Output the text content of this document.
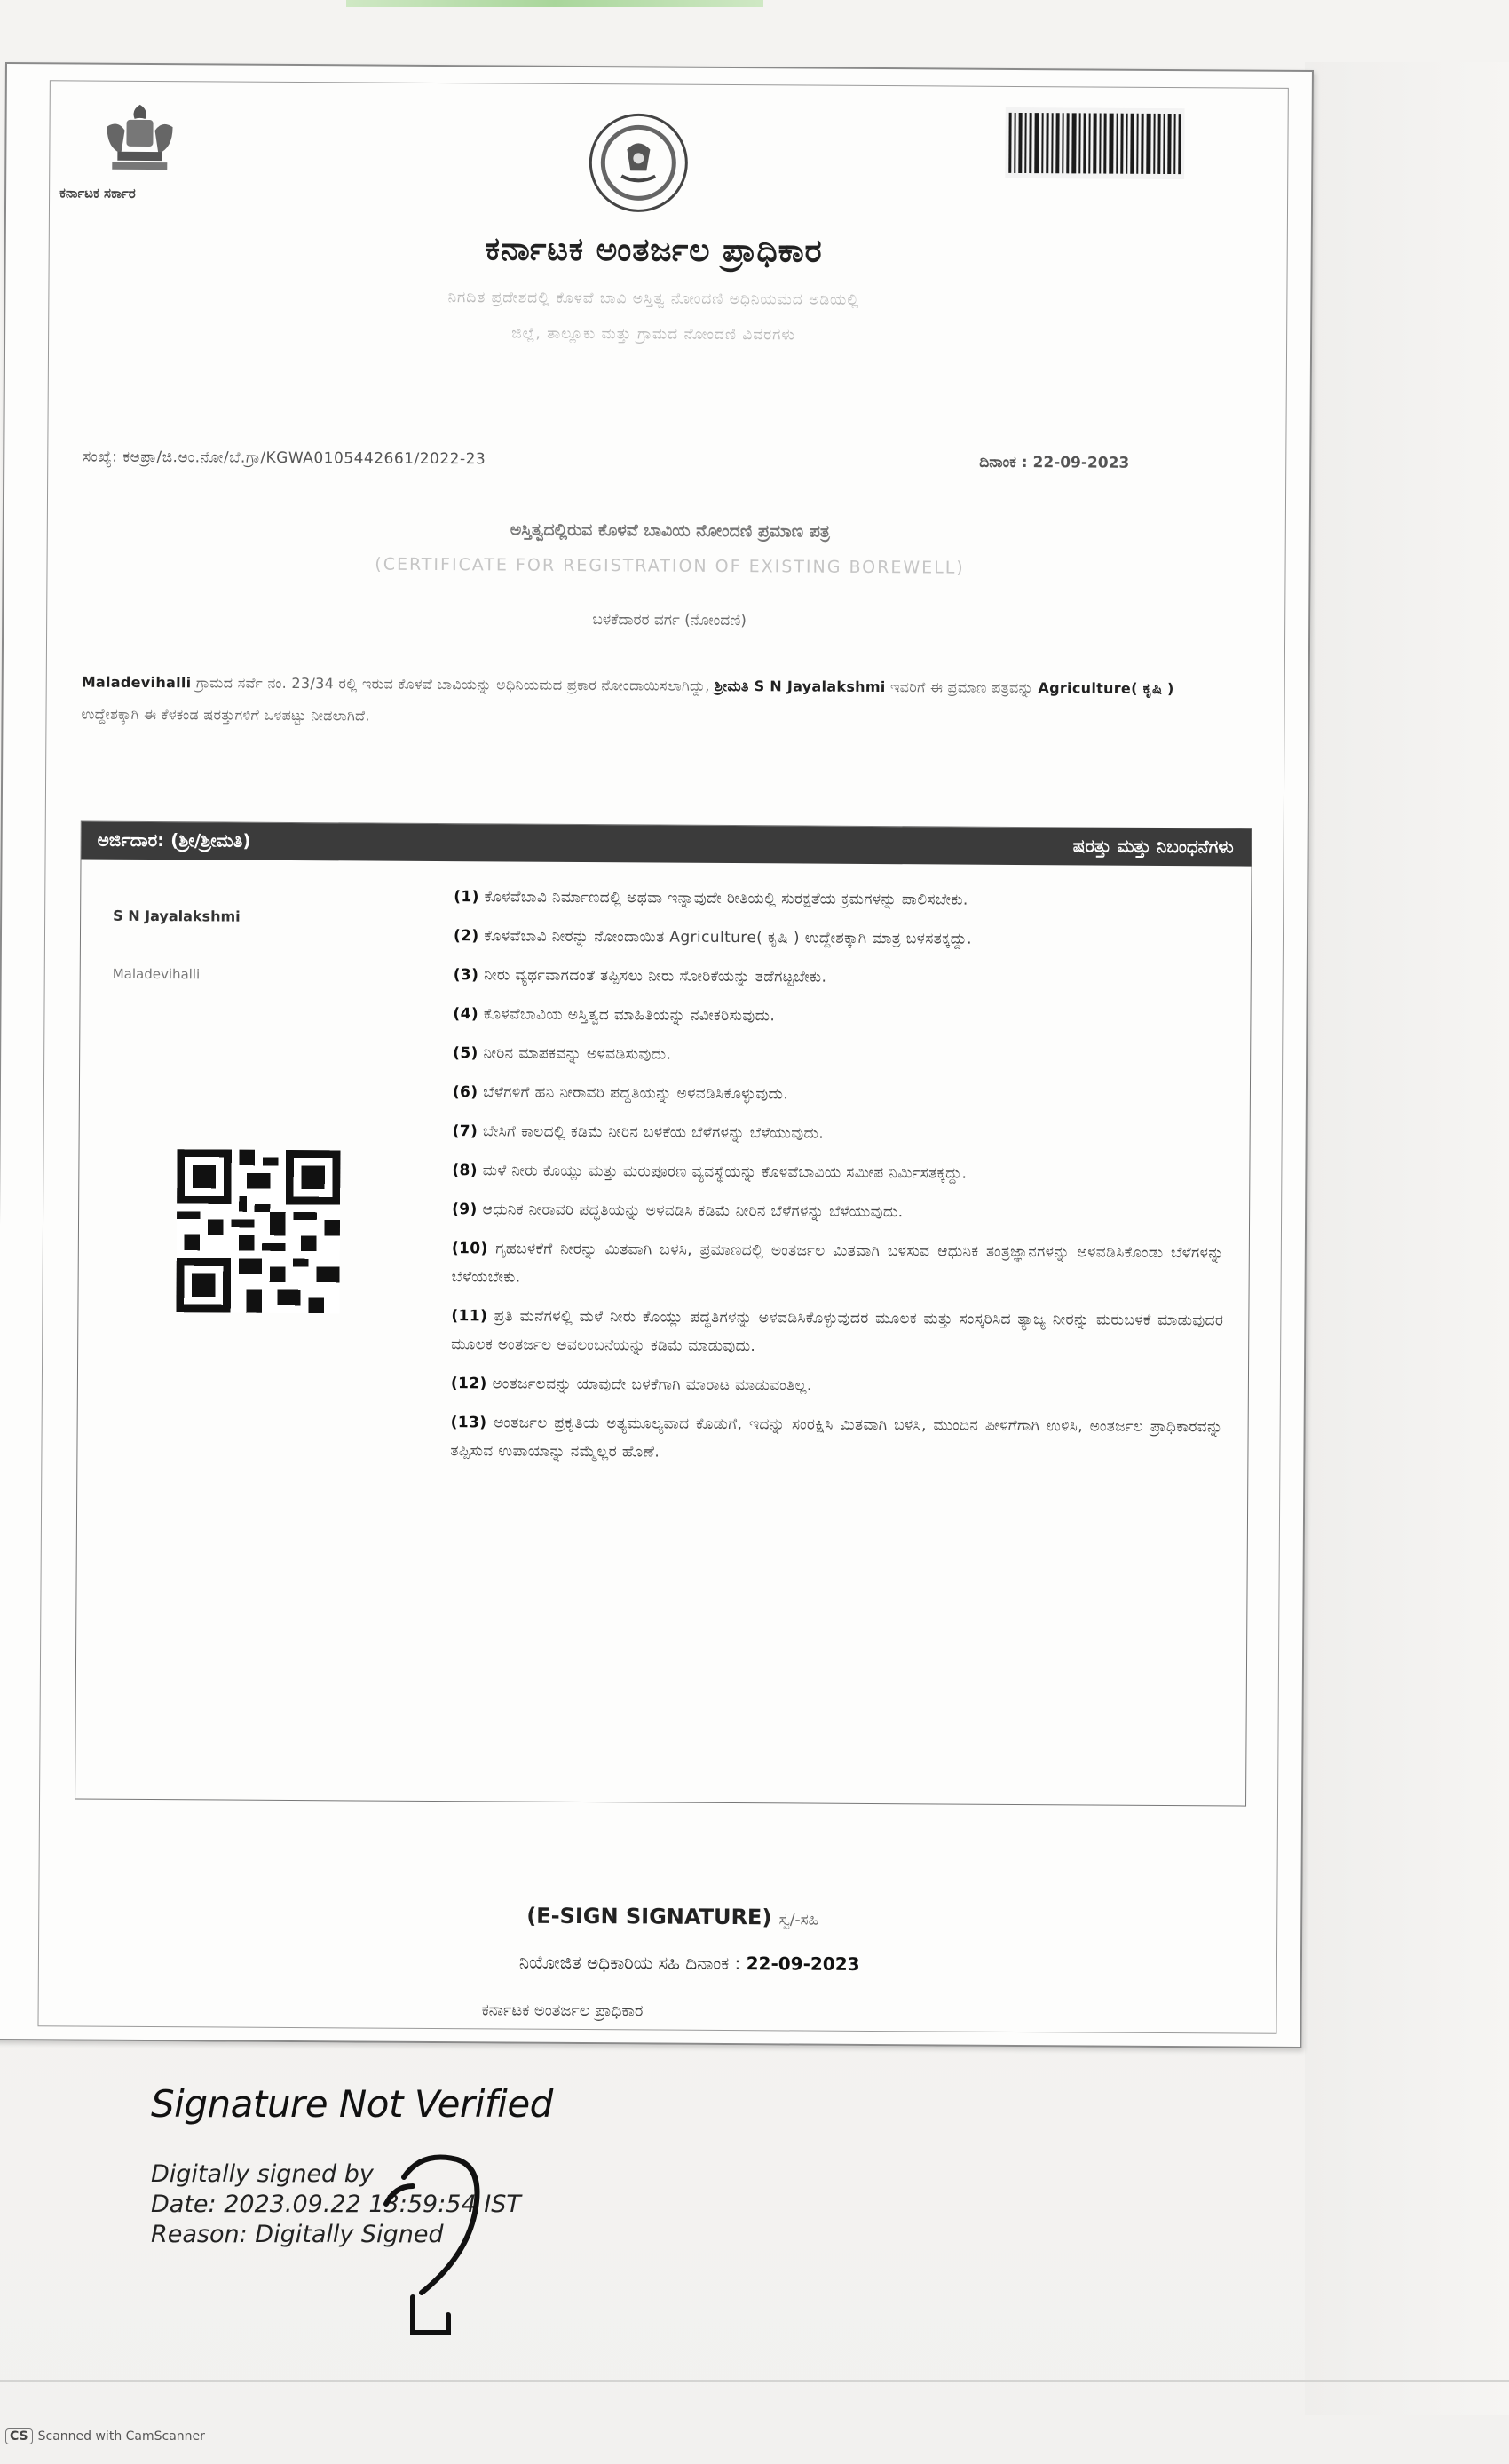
ಕರ್ನಾಟಕ ಸರ್ಕಾರ
ಕರ್ನಾಟಕ ಅಂತರ್ಜಲ ಪ್ರಾಧಿಕಾರ
ನಿಗದಿತ ಪ್ರದೇಶದಲ್ಲಿ ಕೊಳವೆ ಬಾವಿ ಅಸ್ತಿತ್ವ ನೋಂದಣಿ ಅಧಿನಿಯಮದ ಅಡಿಯಲ್ಲಿ
ಜಿಲ್ಲೆ, ತಾಲ್ಲೂಕು ಮತ್ತು ಗ್ರಾಮದ ನೋಂದಣಿ ವಿವರಗಳು
ಸಂಖ್ಯೆ: ಕಅಪ್ರಾ/ಜಿ.ಅಂ.ನೋ/ಬೆ.ಗ್ರಾ/KGWA0105442661/2022-23	ದಿನಾಂಕ : 22-09-2023
ಅಸ್ತಿತ್ವದಲ್ಲಿರುವ ಕೊಳವೆ ಬಾವಿಯ ನೋಂದಣಿ ಪ್ರಮಾಣ ಪತ್ರ
(CERTIFICATE FOR REGISTRATION OF EXISTING BOREWELL)
ಬಳಕೆದಾರರ ವರ್ಗ (ನೋಂದಣಿ)
Maladevihalli ಗ್ರಾಮದ ಸರ್ವೆ ನಂ. 23/34 ರಲ್ಲಿ ಇರುವ ಕೊಳವೆ ಬಾವಿಯನ್ನು ಅಧಿನಿಯಮದ ಪ್ರಕಾರ ನೋಂದಾಯಿಸಲಾಗಿದ್ದು, ಶ್ರೀಮತಿ S N Jayalakshmi ಇವರಿಗೆ ಈ ಪ್ರಮಾಣ ಪತ್ರವನ್ನು Agriculture( ಕೃಷಿ ) ಉದ್ದೇಶಕ್ಕಾಗಿ ಈ ಕೆಳಕಂಡ ಷರತ್ತುಗಳಿಗೆ ಒಳಪಟ್ಟು ನೀಡಲಾಗಿದೆ.
ಅರ್ಜಿದಾರ: (ಶ್ರೀ/ಶ್ರೀಮತಿ)	ಷರತ್ತು ಮತ್ತು ನಿಬಂಧನೆಗಳು
S N Jayalakshmi
Maladevihalli
(1) ಕೊಳವೆಬಾವಿ ನಿರ್ಮಾಣದಲ್ಲಿ ಅಥವಾ ಇನ್ನಾವುದೇ ರೀತಿಯಲ್ಲಿ ಸುರಕ್ಷತೆಯ ಕ್ರಮಗಳನ್ನು ಪಾಲಿಸಬೇಕು.
(2) ಕೊಳವೆಬಾವಿ ನೀರನ್ನು ನೋಂದಾಯಿತ Agriculture( ಕೃಷಿ ) ಉದ್ದೇಶಕ್ಕಾಗಿ ಮಾತ್ರ ಬಳಸತಕ್ಕದ್ದು.
(3) ನೀರು ವ್ಯರ್ಥವಾಗದಂತೆ ತಪ್ಪಿಸಲು ನೀರು ಸೋರಿಕೆಯನ್ನು ತಡೆಗಟ್ಟಬೇಕು.
(4) ಕೊಳವೆಬಾವಿಯ ಅಸ್ತಿತ್ವದ ಮಾಹಿತಿಯನ್ನು ನವೀಕರಿಸುವುದು.
(5) ನೀರಿನ ಮಾಪಕವನ್ನು ಅಳವಡಿಸುವುದು.
(6) ಬೆಳೆಗಳಿಗೆ ಹನಿ ನೀರಾವರಿ ಪದ್ಧತಿಯನ್ನು ಅಳವಡಿಸಿಕೊಳ್ಳುವುದು.
(7) ಬೇಸಿಗೆ ಕಾಲದಲ್ಲಿ ಕಡಿಮೆ ನೀರಿನ ಬಳಕೆಯ ಬೆಳೆಗಳನ್ನು ಬೆಳೆಯುವುದು.
(8) ಮಳೆ ನೀರು ಕೊಯ್ಲು ಮತ್ತು ಮರುಪೂರಣ ವ್ಯವಸ್ಥೆಯನ್ನು ಕೊಳವೆಬಾವಿಯ ಸಮೀಪ ನಿರ್ಮಿಸತಕ್ಕದ್ದು.
(9) ಆಧುನಿಕ ನೀರಾವರಿ ಪದ್ಧತಿಯನ್ನು ಅಳವಡಿಸಿ ಕಡಿಮೆ ನೀರಿನ ಬೆಳೆಗಳನ್ನು ಬೆಳೆಯುವುದು.
(10) ಗೃಹಬಳಕೆಗೆ ನೀರನ್ನು ಮಿತವಾಗಿ ಬಳಸಿ, ಪ್ರಮಾಣದಲ್ಲಿ ಅಂತರ್ಜಲ ಮಿತವಾಗಿ ಬಳಸುವ ಆಧುನಿಕ ತಂತ್ರಜ್ಞಾನಗಳನ್ನು ಅಳವಡಿಸಿಕೊಂಡು ಬೆಳೆಗಳನ್ನು ಬೆಳೆಯಬೇಕು.
(11) ಪ್ರತಿ ಮನೆಗಳಲ್ಲಿ ಮಳೆ ನೀರು ಕೊಯ್ಲು ಪದ್ಧತಿಗಳನ್ನು ಅಳವಡಿಸಿಕೊಳ್ಳುವುದರ ಮೂಲಕ ಮತ್ತು ಸಂಸ್ಕರಿಸಿದ ತ್ಯಾಜ್ಯ ನೀರನ್ನು ಮರುಬಳಕೆ ಮಾಡುವುದರ ಮೂಲಕ ಅಂತರ್ಜಲ ಅವಲಂಬನೆಯನ್ನು ಕಡಿಮೆ ಮಾಡುವುದು.
(12) ಅಂತರ್ಜಲವನ್ನು ಯಾವುದೇ ಬಳಕೆಗಾಗಿ ಮಾರಾಟ ಮಾಡುವಂತಿಲ್ಲ.
(13) ಅಂತರ್ಜಲ ಪ್ರಕೃತಿಯ ಅತ್ಯಮೂಲ್ಯವಾದ ಕೊಡುಗೆ, ಇದನ್ನು ಸಂರಕ್ಷಿಸಿ ಮಿತವಾಗಿ ಬಳಸಿ, ಮುಂದಿನ ಪೀಳಿಗೆಗಾಗಿ ಉಳಿಸಿ, ಅಂತರ್ಜಲ ಪ್ರಾಧಿಕಾರವನ್ನು ತಪ್ಪಿಸುವ ಉಪಾಯಾನ್ನು ನಮ್ಮೆಲ್ಲರ ಹೊಣೆ.
(E-SIGN SIGNATURE) ಸ್ವ/-ಸಹಿ
ನಿಯೋಜಿತ ಅಧಿಕಾರಿಯ ಸಹಿ ದಿನಾಂಕ : 22-09-2023
ಕರ್ನಾಟಕ ಅಂತರ್ಜಲ ಪ್ರಾಧಿಕಾರ
Signature Not Verified
Digitally signed by
Date: 2023.09.22 13:59:54 IST
Reason: Digitally Signed
CS Scanned with CamScanner
